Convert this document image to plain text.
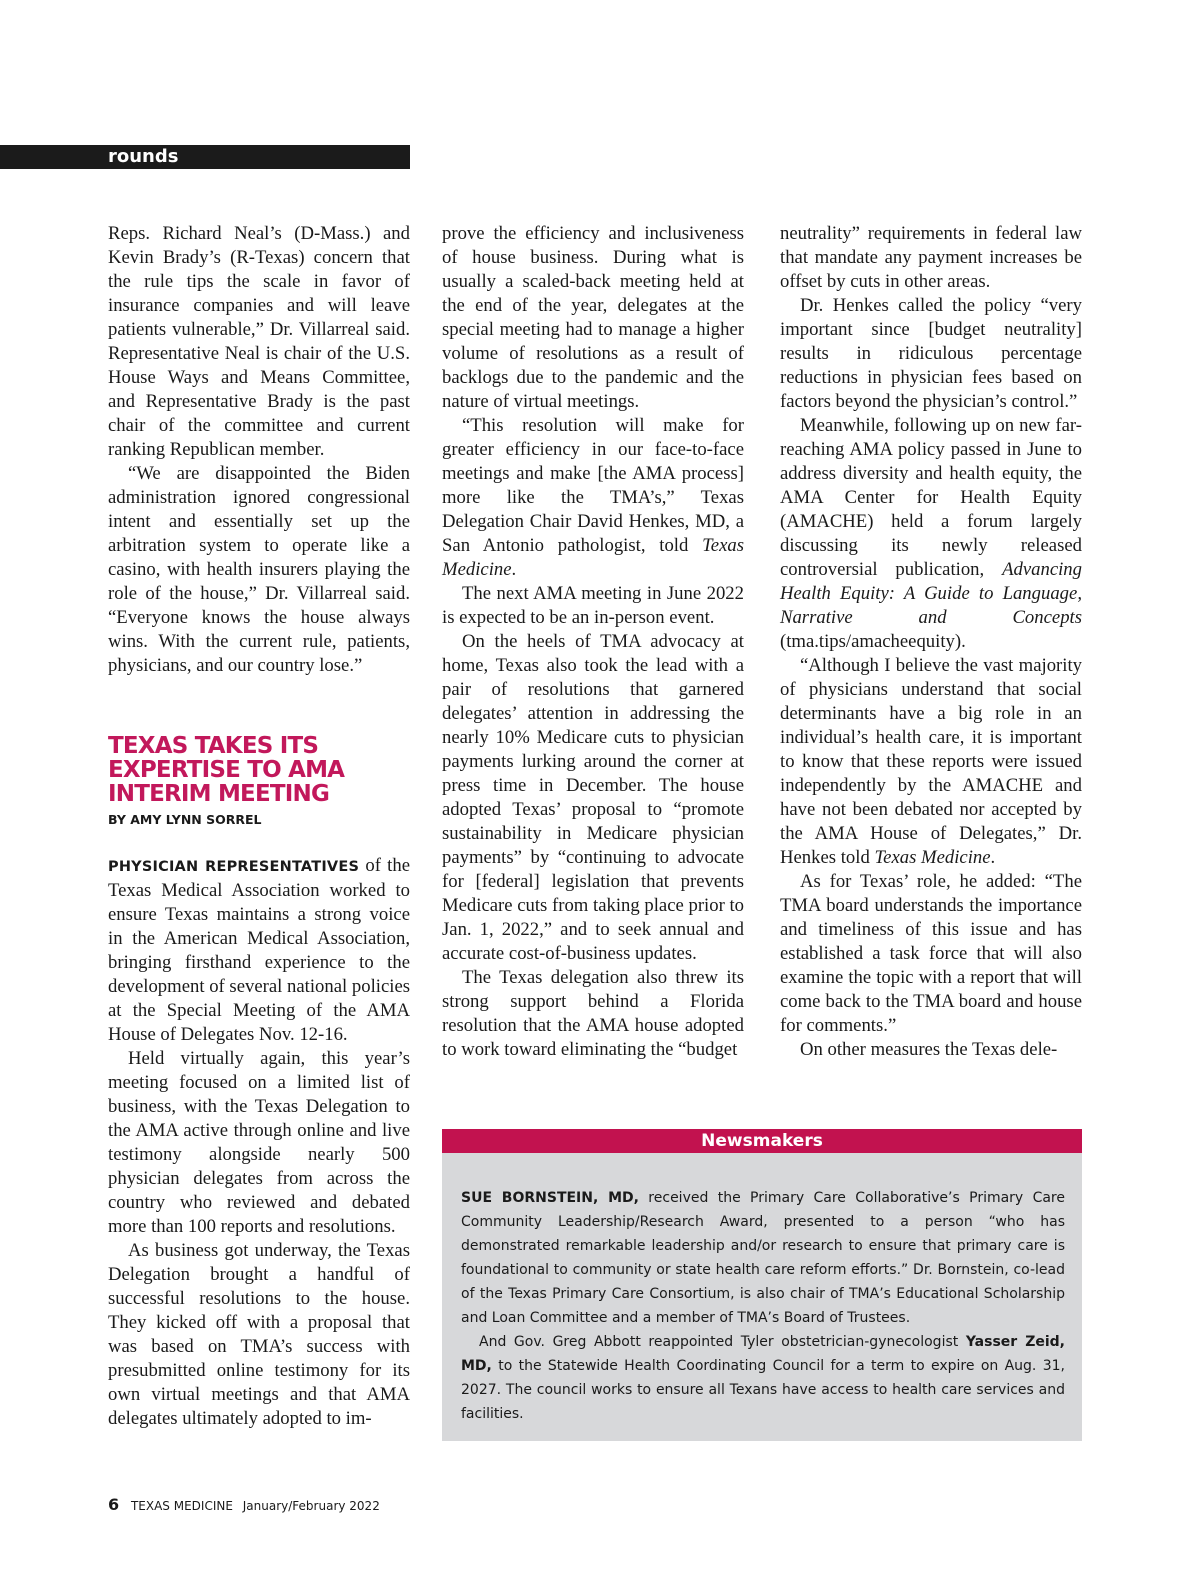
rounds

Reps. Richard Neal’s (D-Mass.) and Kevin Brady’s (R-Texas) concern that the rule tips the scale in favor of insurance companies and will leave patients vulnerable,” Dr. Villarreal said. Representative Neal is chair of the U.S. House Ways and Means Committee, and Representative Brady is the past chair of the committee and current ranking Republican member.

“We are disappointed the Biden administration ignored congressional intent and essentially set up the arbitration system to operate like a casino, with health insurers playing the role of the house,” Dr. Villarreal said. “Everyone knows the house always wins. With the current rule, patients, physicians, and our country lose.”

TEXAS TAKES ITS EXPERTISE TO AMA INTERIM MEETING
BY AMY LYNN SORREL

PHYSICIAN REPRESENTATIVES of the Texas Medical Association worked to ensure Texas maintains a strong voice in the American Medical Association, bringing firsthand experience to the development of several national policies at the Special Meeting of the AMA House of Delegates Nov. 12-16.

Held virtually again, this year’s meeting focused on a limited list of business, with the Texas Delegation to the AMA active through online and live testimony alongside nearly 500 physician delegates from across the country who reviewed and debated more than 100 reports and resolutions.

As business got underway, the Texas Delegation brought a handful of successful resolutions to the house. They kicked off with a proposal that was based on TMA’s success with presubmitted online testimony for its own virtual meetings and that AMA delegates ultimately adopted to im-

prove the efficiency and inclusiveness of house business. During what is usually a scaled-back meeting held at the end of the year, delegates at the special meeting had to manage a higher volume of resolutions as a result of backlogs due to the pandemic and the nature of virtual meetings.

“This resolution will make for greater efficiency in our face-to-face meetings and make [the AMA process] more like the TMA’s,” Texas Delegation Chair David Henkes, MD, a San Antonio pathologist, told Texas Medicine.

The next AMA meeting in June 2022 is expected to be an in-person event.

On the heels of TMA advocacy at home, Texas also took the lead with a pair of resolutions that garnered delegates’ attention in addressing the nearly 10% Medicare cuts to physician payments lurking around the corner at press time in December. The house adopted Texas’ proposal to “promote sustainability in Medicare physician payments” by “continuing to advocate for [federal] legislation that prevents Medicare cuts from taking place prior to Jan. 1, 2022,” and to seek annual and accurate cost-of-business updates.

The Texas delegation also threw its strong support behind a Florida resolution that the AMA house adopted to work toward eliminating the “budget

neutrality” requirements in federal law that mandate any payment increases be offset by cuts in other areas.

Dr. Henkes called the policy “very important since [budget neutrality] results in ridiculous percentage reductions in physician fees based on factors beyond the physician’s control.”

Meanwhile, following up on new far-reaching AMA policy passed in June to address diversity and health equity, the AMA Center for Health Equity (AMACHE) held a forum largely discussing its newly released controversial publication, Advancing Health Equity: A Guide to Language, Narrative and Concepts (tma.tips/amacheequity).

“Although I believe the vast majority of physicians understand that social determinants have a big role in an individual’s health care, it is important to know that these reports were issued independently by the AMACHE and have not been debated nor accepted by the AMA House of Delegates,” Dr. Henkes told Texas Medicine.

As for Texas’ role, he added: “The TMA board understands the importance and timeliness of this issue and has established a task force that will also examine the topic with a report that will come back to the TMA board and house for comments.”

On other measures the Texas dele-

Newsmakers

SUE BORNSTEIN, MD, received the Primary Care Collaborative’s Primary Care Community Leadership/Research Award, presented to a person “who has demonstrated remarkable leadership and/or research to ensure that primary care is foundational to community or state health care reform efforts.” Dr. Bornstein, co-lead of the Texas Primary Care Consortium, is also chair of TMA’s Educational Scholarship and Loan Committee and a member of TMA’s Board of Trustees.

And Gov. Greg Abbott reappointed Tyler obstetrician-gynecologist Yasser Zeid, MD, to the Statewide Health Coordinating Council for a term to expire on Aug. 31, 2027. The council works to ensure all Texans have access to health care services and facilities.

6 TEXAS MEDICINE January/February 2022
